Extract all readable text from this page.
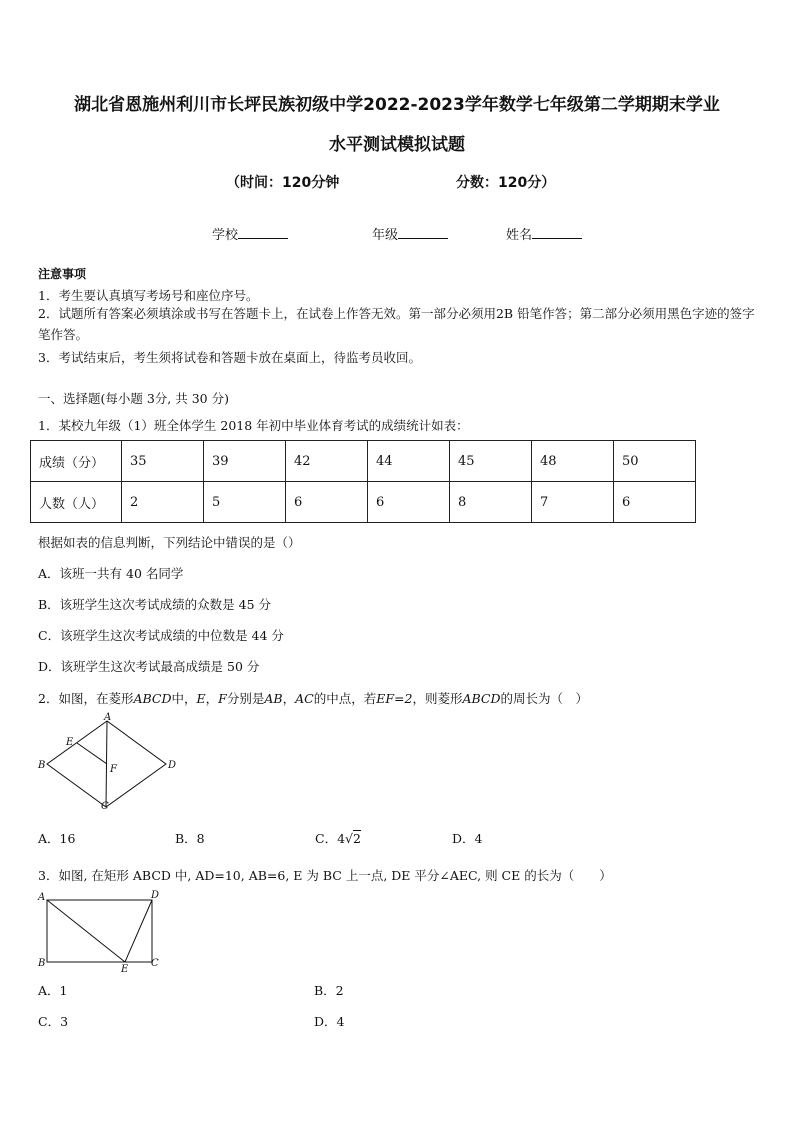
湖北省恩施州利川市长坪民族初级中学2022-2023学年数学七年级第二学期期末学业
水平测试模拟试题
（时间：120分钟	分数：120分）
学校	年级	姓名
注意事项
1．考生要认真填写考场号和座位序号。
2．试题所有答案必须填涂或书写在答题卡上，在试卷上作答无效。第一部分必须用2B 铅笔作答；第二部分必须用黑色字迹的签字笔作答。
3．考试结束后，考生须将试卷和答题卡放在桌面上，待监考员收回。
一、选择题(每小题 3分, 共 30 分)
1．某校九年级（1）班全体学生 2018 年初中毕业体育考试的成绩统计如表：
成绩（分）	35	39	42	44	45	48	50
人数（人）	2	5	6	6	8	7	6
根据如表的信息判断，下列结论中错误的是（）
A．该班一共有 40 名同学
B．该班学生这次考试成绩的众数是 45 分
C．该班学生这次考试成绩的中位数是 44 分
D．该班学生这次考试最高成绩是 50 分
2．如图，在菱形ABCD中，E，F分别是AB，AC的中点，若EF=2，则菱形ABCD的周长为（　）
A
B
C
D
E
F
A．16	B．8	C．4√2	D．4
3．如图, 在矩形 ABCD 中, AD=10, AB=6, E 为 BC 上一点, DE 平分∠AEC, 则 CE 的长为（　　）
A
B	C
D
E
A．1	B．2
C．3	D．4
